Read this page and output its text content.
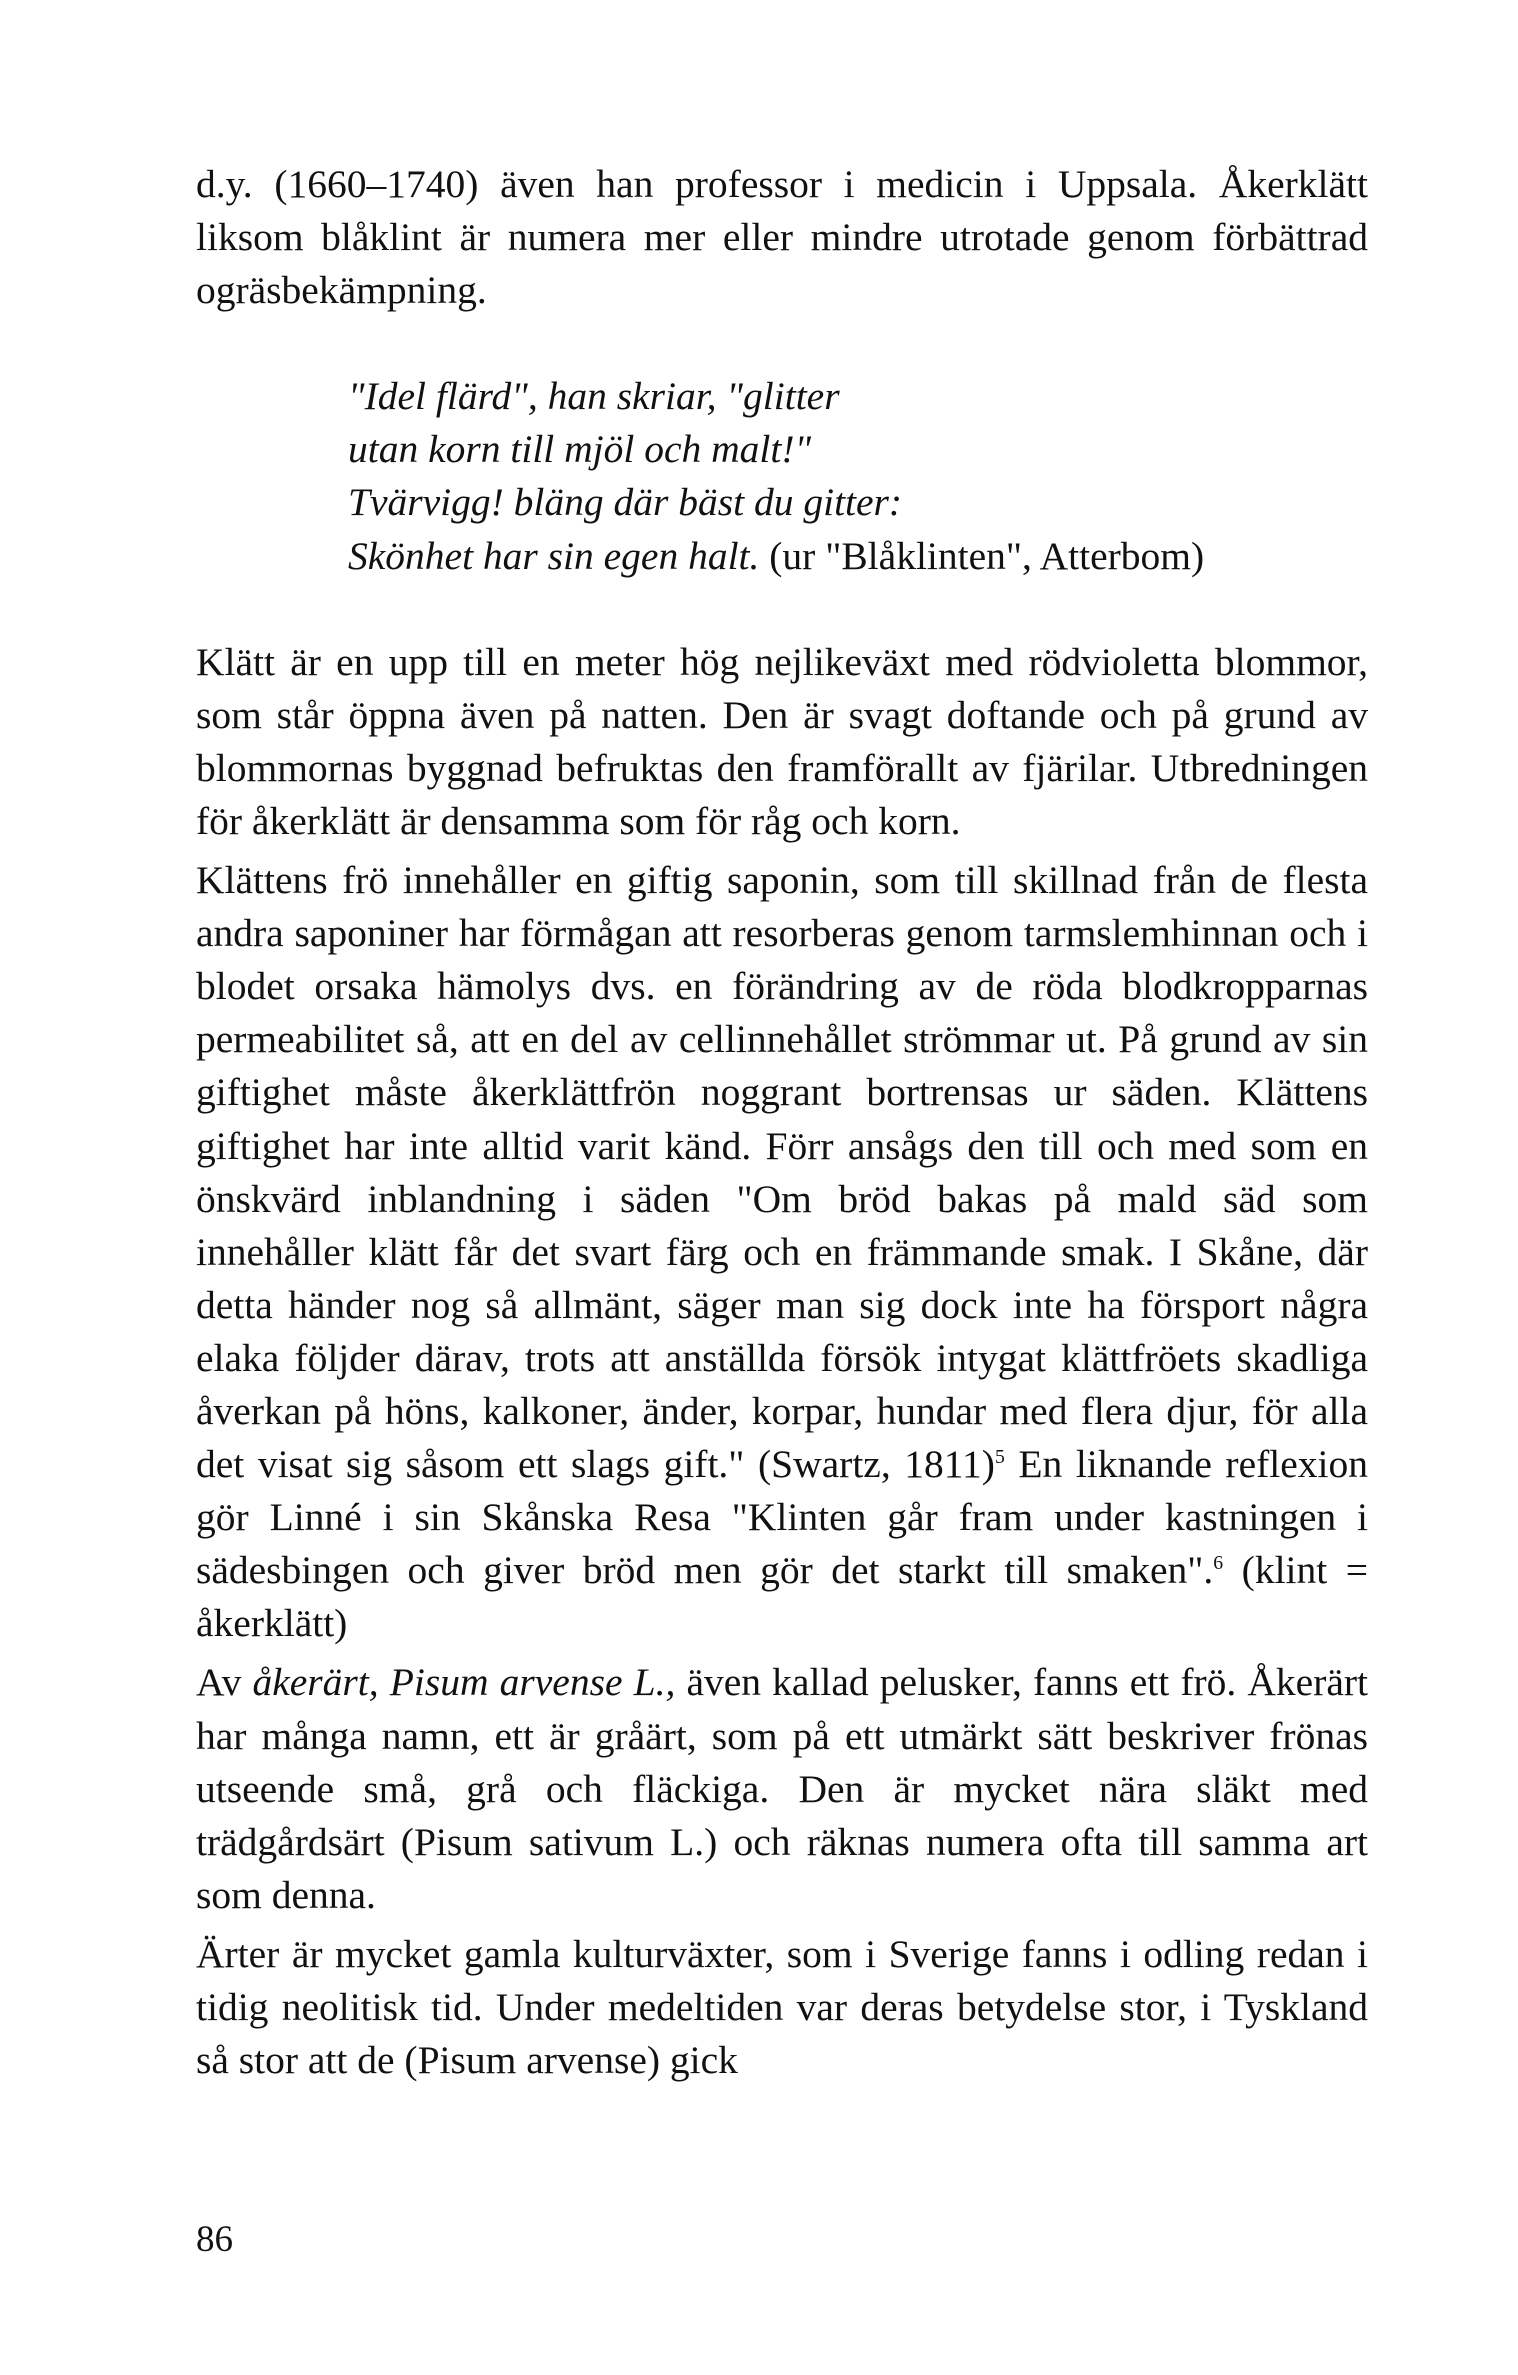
d.y. (1660–1740) även han professor i medicin i Uppsala. Åkerklätt liksom blåklint är numera mer eller mindre utrotade genom förbättrad ogräsbekämpning.

"Idel flärd", han skriar, "glitter
utan korn till mjöl och malt!"
Tvärvigg! bläng där bäst du gitter:
Skönhet har sin egen halt. (ur "Blåklinten", Atterbom)

Klätt är en upp till en meter hög nejlikeväxt med rödvioletta blommor, som står öppna även på natten. Den är svagt doftande och på grund av blommornas byggnad befruktas den framförallt av fjärilar. Utbredningen för åkerklätt är densamma som för råg och korn.

Klättens frö innehåller en giftig saponin, som till skillnad från de flesta andra saponiner har förmågan att resorberas genom tarmslemhinnan och i blodet orsaka hämolys dvs. en förändring av de röda blodkropparnas permeabilitet så, att en del av cellinnehållet strömmar ut. På grund av sin giftighet måste åkerklättfrön noggrant bortrensas ur säden. Klättens giftighet har inte alltid varit känd. Förr ansågs den till och med som en önskvärd inblandning i säden "Om bröd bakas på mald säd som innehåller klätt får det svart färg och en främmande smak. I Skåne, där detta händer nog så allmänt, säger man sig dock inte ha försport några elaka följder därav, trots att anställda försök intygat klättfröets skadliga åverkan på höns, kalkoner, änder, korpar, hundar med flera djur, för alla det visat sig såsom ett slags gift." (Swartz, 1811)$^5$ En liknande reflexion gör Linné i sin Skånska Resa "Klinten går fram under kastningen i sädesbingen och giver bröd men gör det starkt till smaken".$^6$ (klint = åkerklätt)

Av åkerärt, Pisum arvense L., även kallad pelusker, fanns ett frö. Åkerärt har många namn, ett är gråärt, som på ett utmärkt sätt beskriver frönas utseende små, grå och fläckiga. Den är mycket nära släkt med trädgårdsärt (Pisum sativum L.) och räknas numera ofta till samma art som denna.

Ärter är mycket gamla kulturväxter, som i Sverige fanns i odling redan i tidig neolitisk tid. Under medeltiden var deras betydelse stor, i Tyskland så stor att de (Pisum arvense) gick

86
